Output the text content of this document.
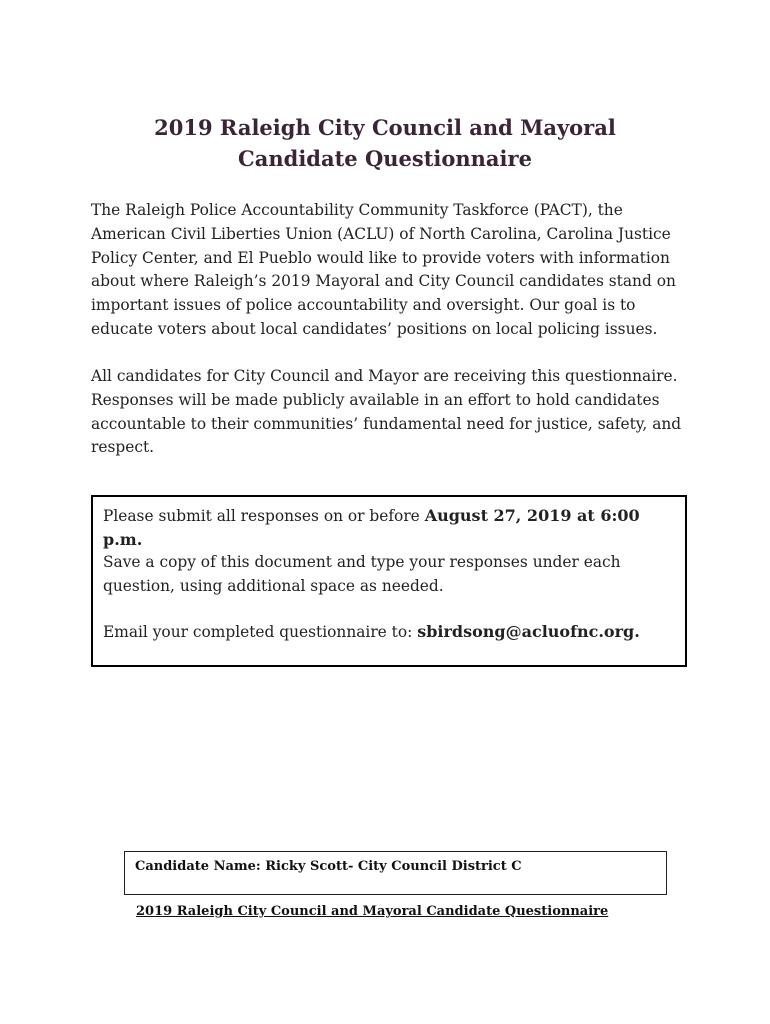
2019 Raleigh City Council and Mayoral
Candidate Questionnaire

The Raleigh Police Accountability Community Taskforce (PACT), the American Civil Liberties Union (ACLU) of North Carolina, Carolina Justice Policy Center, and El Pueblo would like to provide voters with information about where Raleigh’s 2019 Mayoral and City Council candidates stand on important issues of police accountability and oversight. Our goal is to educate voters about local candidates’ positions on local policing issues.

All candidates for City Council and Mayor are receiving this questionnaire. Responses will be made publicly available in an effort to hold candidates accountable to their communities’ fundamental need for justice, safety, and respect.

Please submit all responses on or before August 27, 2019 at 6:00 p.m.

Save a copy of this document and type your responses under each question, using additional space as needed.

Email your completed questionnaire to: sbirdsong@acluofnc.org.

Candidate Name: Ricky Scott- City Council District C
2019 Raleigh City Council and Mayoral Candidate Questionnaire
